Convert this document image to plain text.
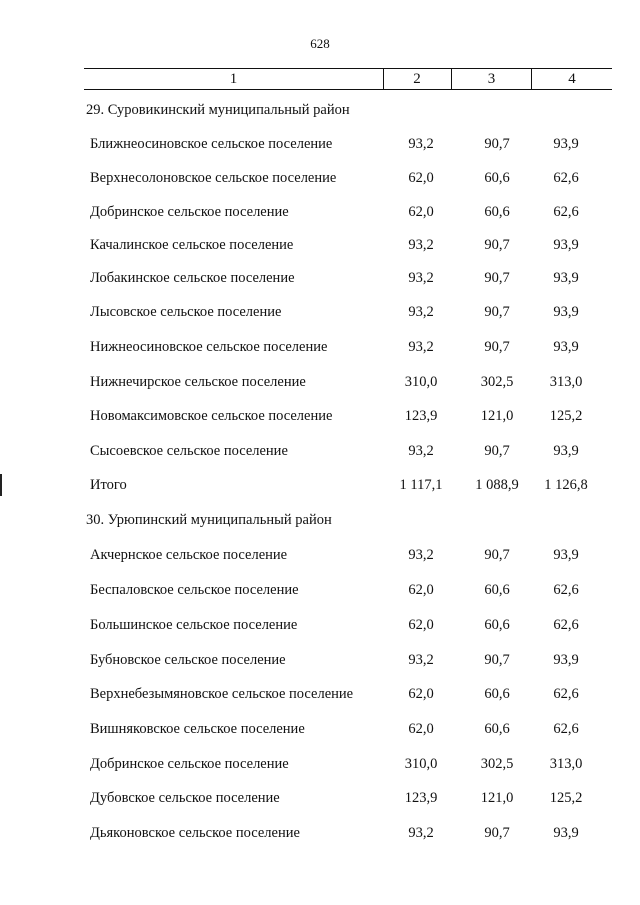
628
1	2	3	4
29. Суровикинский муниципальный район
Ближнеосиновское сельское поселение	93,2	90,7	93,9
Верхнесолоновское сельское поселение	62,0	60,6	62,6
Добринское сельское поселение	62,0	60,6	62,6
Качалинское сельское поселение	93,2	90,7	93,9
Лобакинское сельское поселение	93,2	90,7	93,9
Лысовское сельское поселение	93,2	90,7	93,9
Нижнеосиновское сельское поселение	93,2	90,7	93,9
Нижнечирское сельское поселение	310,0	302,5	313,0
Новомаксимовское сельское поселение	123,9	121,0	125,2
Сысоевское сельское поселение	93,2	90,7	93,9
Итого	1 117,1	1 088,9	1 126,8
30. Урюпинский муниципальный район
Акчернское сельское поселение	93,2	90,7	93,9
Беспаловское сельское поселение	62,0	60,6	62,6
Большинское сельское поселение	62,0	60,6	62,6
Бубновское сельское поселение	93,2	90,7	93,9
Верхнебезымяновское сельское поселение	62,0	60,6	62,6
Вишняковское сельское поселение	62,0	60,6	62,6
Добринское сельское поселение	310,0	302,5	313,0
Дубовское сельское поселение	123,9	121,0	125,2
Дьяконовское сельское поселение	93,2	90,7	93,9
